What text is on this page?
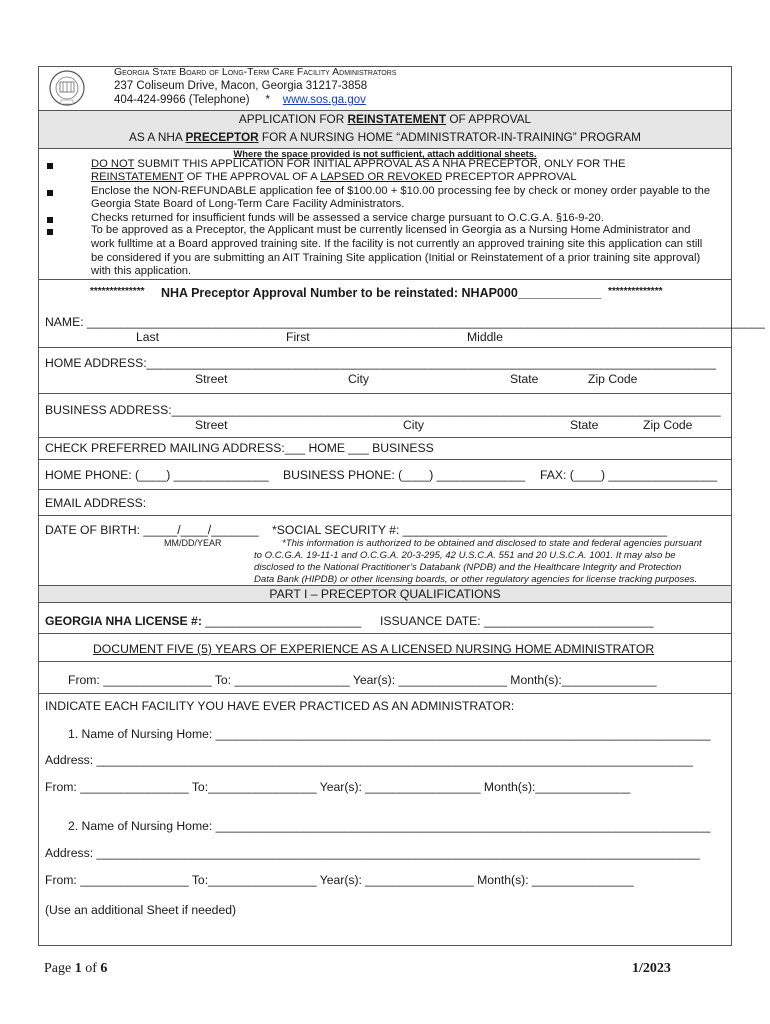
Georgia State Board of Long-Term Care Facility Administrators
237 Coliseum Drive, Macon, Georgia 31217-3858
404-424-9966 (Telephone) * www.sos.ga.gov
APPLICATION FOR REINSTATEMENT OF APPROVAL
AS A NHA PRECEPTOR FOR A NURSING HOME “ADMINISTRATOR-IN-TRAINING” PROGRAM
Where the space provided is not sufficient, attach additional sheets.
DO NOT SUBMIT THIS APPLICATION FOR INITIAL APPROVAL AS A NHA PRECEPTOR, ONLY FOR THE
REINSTATEMENT OF THE APPROVAL OF A LAPSED OR REVOKED PRECEPTOR APPROVAL
Enclose the NON-REFUNDABLE application fee of $100.00 + $10.00 processing fee by check or money order payable to the
Georgia State Board of Long-Term Care Facility Administrators.
Checks returned for insufficient funds will be assessed a service charge pursuant to O.C.G.A. §16-9-20.
To be approved as a Preceptor, the Applicant must be currently licensed in Georgia as a Nursing Home Administrator and
work fulltime at a Board approved training site. If the facility is not currently an approved training site this application can still
be considered if you are submitting an AIT Training Site application (Initial or Reinstatement of a prior training site approval)
with this application.
************** NHA Preceptor Approval Number to be reinstated: NHAP000____________ **************
NAME: ____________________________________________________________________________________________________
Last	First	Middle
HOME ADDRESS:____________________________________________________________________________________
Street	City	State	Zip Code
BUSINESS ADDRESS:_________________________________________________________________________________
Street	City	State	Zip Code
CHECK PREFERRED MAILING ADDRESS:___ HOME ___ BUSINESS
HOME PHONE: (____) ______________ BUSINESS PHONE: (____) _____________ FAX: (____) ________________
EMAIL ADDRESS:
DATE OF BIRTH: _____/____/_______
MM/DD/YEAR
*SOCIAL SECURITY #: _______________________________________
*This information is authorized to be obtained and disclosed to state and federal agencies pursuant
to O.C.G.A. 19-11-1 and O.C.G.A. 20-3-295, 42 U.S.C.A. 551 and 20 U.S.C.A. 1001. It may also be
disclosed to the National Practitioner’s Databank (NPDB) and the Healthcare Integrity and Protection
Data Bank (HIPDB) or other licensing boards, or other regulatory agencies for license tracking purposes.
PART I – PRECEPTOR QUALIFICATIONS
GEORGIA NHA LICENSE #: _______________________ ISSUANCE DATE: _________________________
DOCUMENT FIVE (5) YEARS OF EXPERIENCE AS A LICENSED NURSING HOME ADMINISTRATOR
From: ________________ To: _________________ Year(s): ________________ Month(s):______________
INDICATE EACH FACILITY YOU HAVE EVER PRACTICED AS AN ADMINISTRATOR:
1. Name of Nursing Home: _________________________________________________________________________
Address: ________________________________________________________________________________________
From: ________________ To:________________ Year(s): _________________ Month(s):______________
2. Name of Nursing Home: _________________________________________________________________________
Address: _________________________________________________________________________________________
From: ________________ To:________________ Year(s): ________________ Month(s): _______________
(Use an additional Sheet if needed)
Page 1 of 6	1/2023
